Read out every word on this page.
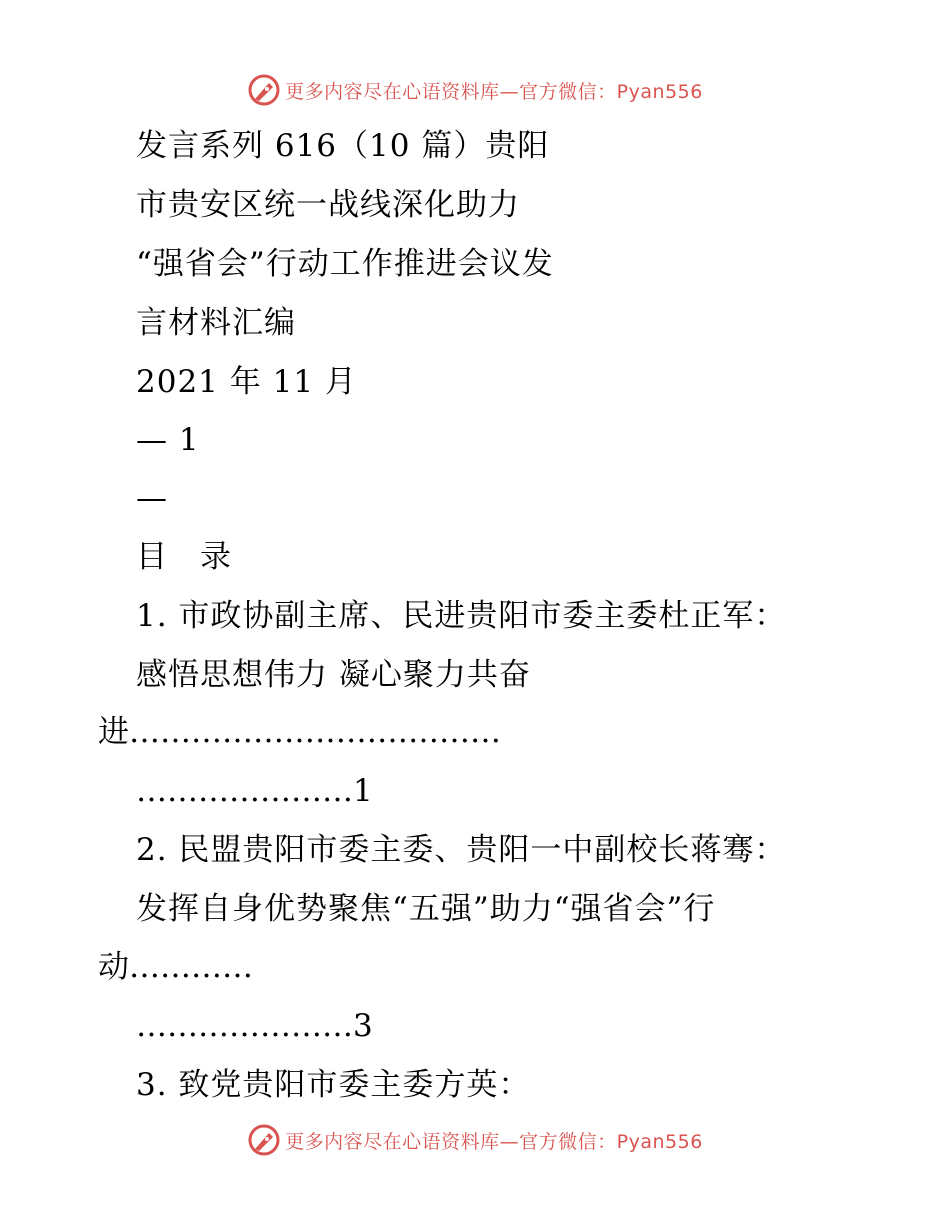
更多内容尽在心语资料库—官方微信：Pyan556
发言系列 616（10 篇）贵阳
市贵安区统一战线深化助力
“强省会”行动工作推进会议发
言材料汇编
2021 年 11 月
— 1
—
目　录
1. 市政协副主席、民进贵阳市委主委杜正军：
感悟思想伟力 凝心聚力共奋
进………………………………
…………………1
2. 民盟贵阳市委主委、贵阳一中副校长蒋骞：
发挥自身优势聚焦“五强”助力“强省会”行
动…………
…………………3
3. 致党贵阳市委主委方英：
更多内容尽在心语资料库—官方微信：Pyan556
